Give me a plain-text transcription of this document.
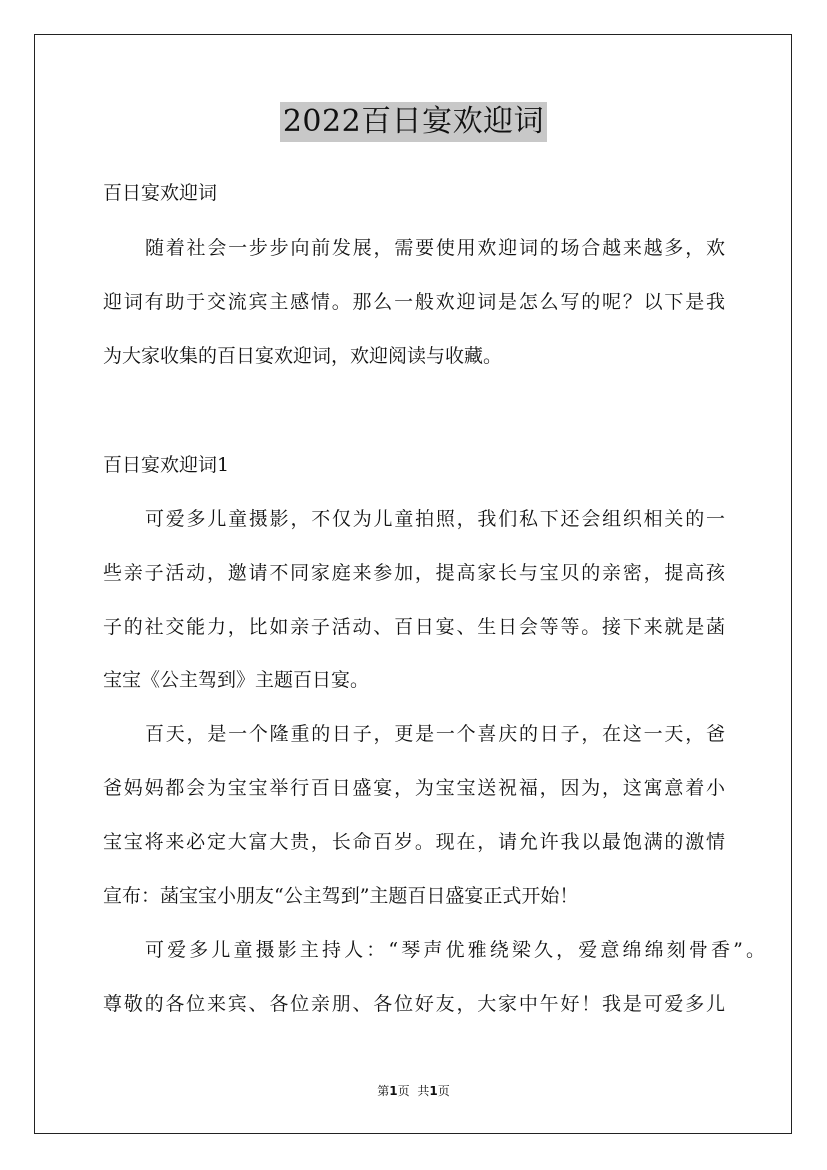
2022百日宴欢迎词
百日宴欢迎词
随着社会一步步向前发展，需要使用欢迎词的场合越来越多，欢
迎词有助于交流宾主感情。那么一般欢迎词是怎么写的呢？以下是我
为大家收集的百日宴欢迎词，欢迎阅读与收藏。
百日宴欢迎词1
可爱多儿童摄影，不仅为儿童拍照，我们私下还会组织相关的一
些亲子活动，邀请不同家庭来参加，提高家长与宝贝的亲密，提高孩
子的社交能力，比如亲子活动、百日宴、生日会等等。接下来就是菡
宝宝《公主驾到》主题百日宴。
百天，是一个隆重的日子，更是一个喜庆的日子，在这一天，爸
爸妈妈都会为宝宝举行百日盛宴，为宝宝送祝福，因为，这寓意着小
宝宝将来必定大富大贵，长命百岁。现在，请允许我以最饱满的激情
宣布：菡宝宝小朋友“公主驾到”主题百日盛宴正式开始！
可爱多儿童摄影主持人：“琴声优雅绕梁久，爱意绵绵刻骨香”。
尊敬的各位来宾、各位亲朋、各位好友，大家中午好！我是可爱多儿
第1页 共1页
